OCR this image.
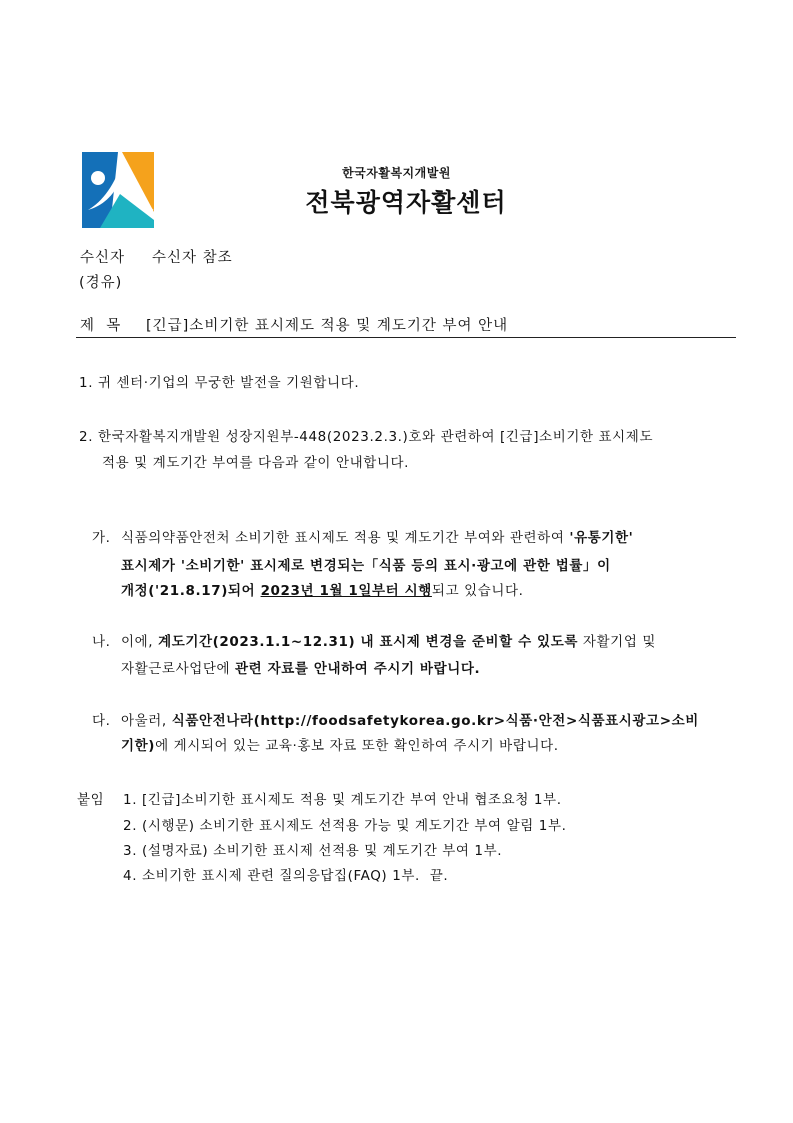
한국자활복지개발원
전북광역자활센터
수신자 수신자 참조
(경유)
제  목 [긴급]소비기한 표시제도 적용 및 계도기간 부여 안내
1. 귀 센터·기업의 무궁한 발전을 기원합니다.
2. 한국자활복지개발원 성장지원부-448(2023.2.3.)호와 관련하여 [긴급]소비기한 표시제도
적용 및 계도기간 부여를 다음과 같이 안내합니다.
가. 식품의약품안전처 소비기한 표시제도 적용 및 계도기간 부여와 관련하여 '유통기한'
표시제가 '소비기한' 표시제로 변경되는「식품 등의 표시·광고에 관한 법률」이
개정('21.8.17)되어 2023년 1월 1일부터 시행되고 있습니다.
나. 이에, 계도기간(2023.1.1~12.31) 내 표시제 변경을 준비할 수 있도록 자활기업 및
자활근로사업단에 관련 자료를 안내하여 주시기 바랍니다.
다. 아울러, 식품안전나라(http://foodsafetykorea.go.kr>식품·안전>식품표시광고>소비
기한)에 게시되어 있는 교육·홍보 자료 또한 확인하여 주시기 바랍니다.
붙임 1. [긴급]소비기한 표시제도 적용 및 계도기간 부여 안내 협조요청 1부.
2. (시행문) 소비기한 표시제도 선적용 가능 및 계도기간 부여 알림 1부.
3. (설명자료) 소비기한 표시제 선적용 및 계도기간 부여 1부.
4. 소비기한 표시제 관련 질의응답집(FAQ) 1부.  끝.
